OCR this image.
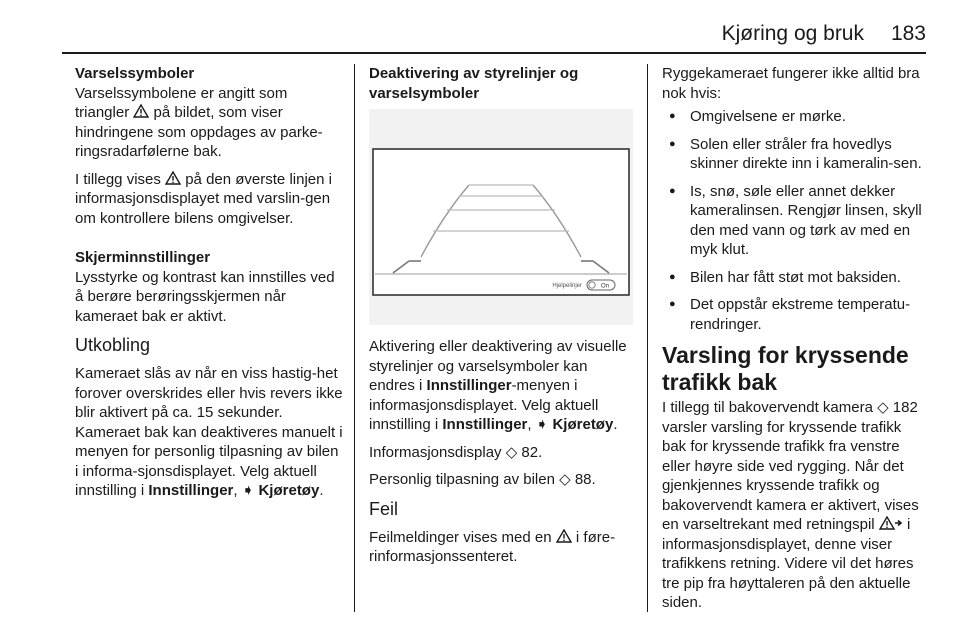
Kjøring og bruk 183
Varselssymboler

Varselssymbolene er angitt som triangler på bildet, som viser hindringene som oppdages av parke-ringsradarfølerne bak.

I tillegg vises på den øverste linjen i informasjonsdisplayet med varslin-gen om kontrollere bilens omgivelser.

Skjerminnstillinger

Lysstyrke og kontrast kan innstilles ved å berøre berøringsskjermen når kameraet bak er aktivt.

Utkobling

Kameraet slås av når en viss hastig-het forover overskrides eller hvis revers ikke blir aktivert på ca. 15 sekunder. Kameraet bak kan deaktiveres manuelt i menyen for personlig tilpasning av bilen i informa-sjonsdisplayet. Velg aktuell innstilling i Innstillinger, ➧ Kjøretøy.

Deaktivering av styrelinjer og varselsymboler
Hjelpelinjer	On

Aktivering eller deaktivering av visuelle styrelinjer og varselsymboler kan endres i Innstillinger-menyen i informasjonsdisplayet. Velg aktuell innstilling i Innstillinger, ➧ Kjøretøy.

Informasjonsdisplay ◇ 82.

Personlig tilpasning av bilen ◇ 88.

Feil

Feilmeldinger vises med en i føre-rinformasjonssenteret.

Ryggekameraet fungerer ikke alltid bra nok hvis:

● Omgivelsene er mørke.
● Solen eller stråler fra hovedlys skinner direkte inn i kameralin-sen.
● Is, snø, søle eller annet dekker kameralinsen. Rengjør linsen, skyll den med vann og tørk av med en myk klut.
● Bilen har fått støt mot baksiden.
● Det oppstår ekstreme temperatu-rendringer.
Varsling for kryssende trafikk bak

I tillegg til bakovervendt kamera ◇ 182 varsler varsling for kryssende trafikk bak for kryssende trafikk fra venstre eller høyre side ved rygging. Når det gjenkjennes kryssende trafikk og bakovervendt kamera er aktivert, vises en varseltrekant med retningspil i informasjonsdisplayet, denne viser trafikkens retning. Videre vil det høres tre pip fra høyttaleren på den aktuelle siden.
